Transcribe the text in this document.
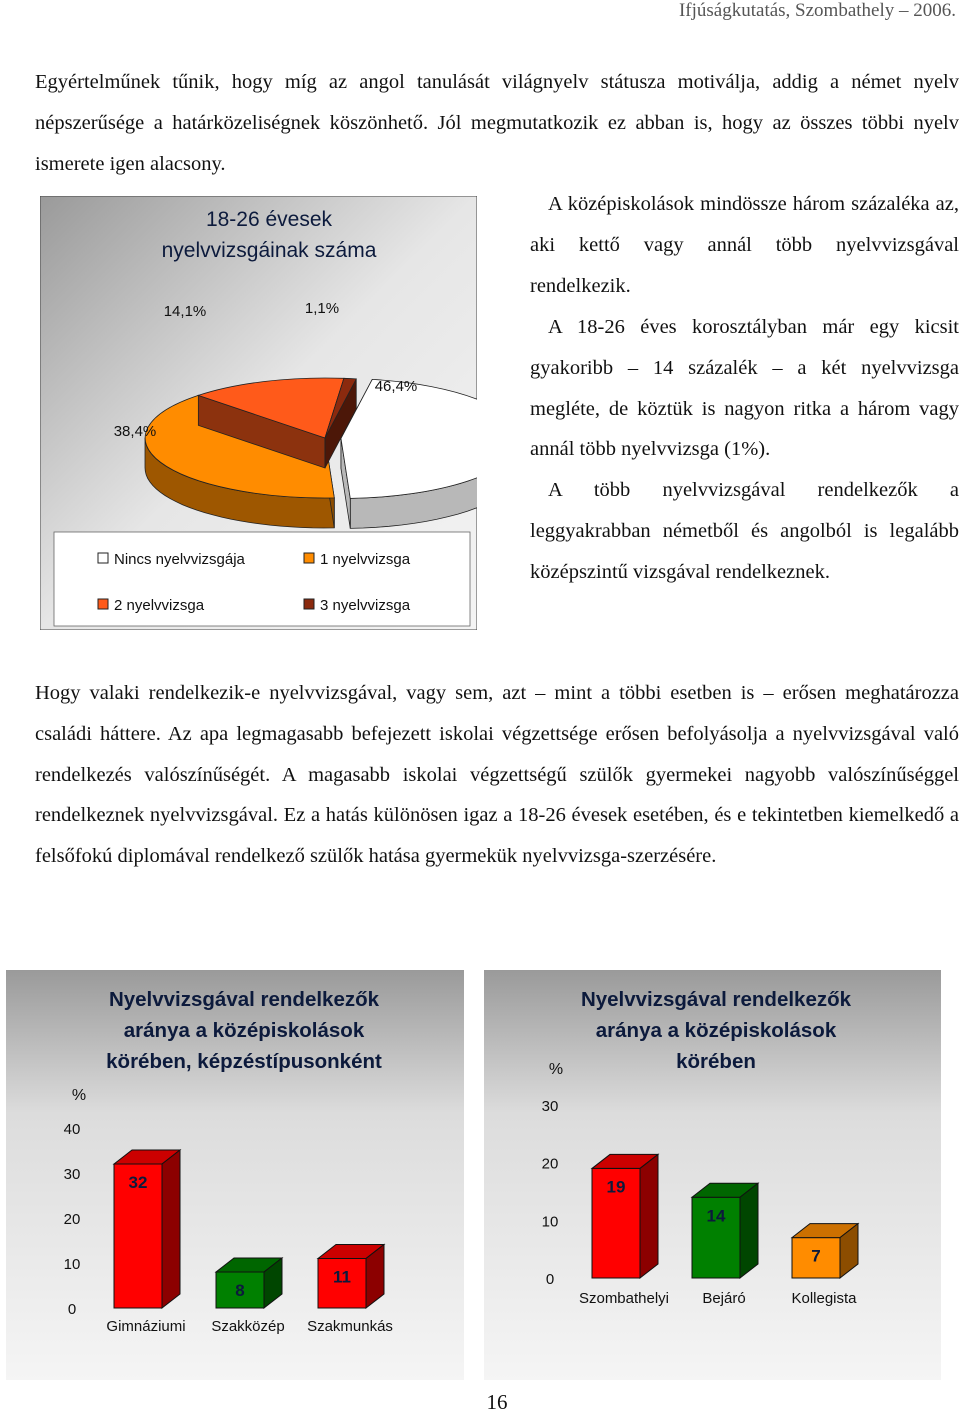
Ifjúságkutatás, Szombathely – 2006.

Egyértelműnek tűnik, hogy míg az angol tanulását világnyelv státusza motiválja, addig a német nyelv népszerűsége a határközeliségnek köszönhető. Jól megmutatkozik ez abban is, hogy az összes többi nyelv ismerete igen alacsony.

A középiskolások mindössze három százaléka az, aki kettő vagy annál több nyelvvizsgával rendelkezik.

A 18-26 éves korosztályban már egy kicsit gyakoribb – 14 százalék – a két nyelvvizsga megléte, de köztük is nagyon ritka a három vagy annál több nyelvvizsga (1%).

A több nyelvvizsgával rendelkezők a leggyakrabban németből és angolból is legalább középszintű vizsgával rendelkeznek.

Hogy valaki rendelkezik-e nyelvvizsgával, vagy sem, azt – mint a többi esetben is – erősen meghatározza családi háttere. Az apa legmagasabb befejezett iskolai végzettsége erősen befolyásolja a nyelvvizsgával való rendelkezés valószínűségét. A magasabb iskolai végzettségű szülők gyermekei nagyobb valószínűséggel rendelkeznek nyelvvizsgával. Ez a hatás különösen igaz a 18-26 évesek esetében, és e tekintetben kiemelkedő a felsőfokú diplomával rendelkező szülők hatása gyermekük nyelvvizsga-szerzésére.

18-26 évesek
nyelvvizsgáinak száma
46,4%
38,4%
14,1%	1,1%
Nincs nyelvvizsgája	1 nyelvvizsga
2 nyelvvizsga	3 nyelvvizsga
Nyelvvizsgával rendelkezők
aránya a középiskolások
körében, képzéstípusonként
%
0
10
20
30
40
32
Gimnáziumi
8
Szakközép
11
Szakmunkás
Nyelvvizsgával rendelkezők
aránya a középiskolások
körében
%
0
10
20
30
19
Szombathelyi
14
Bejáró
7
Kollegista
16
